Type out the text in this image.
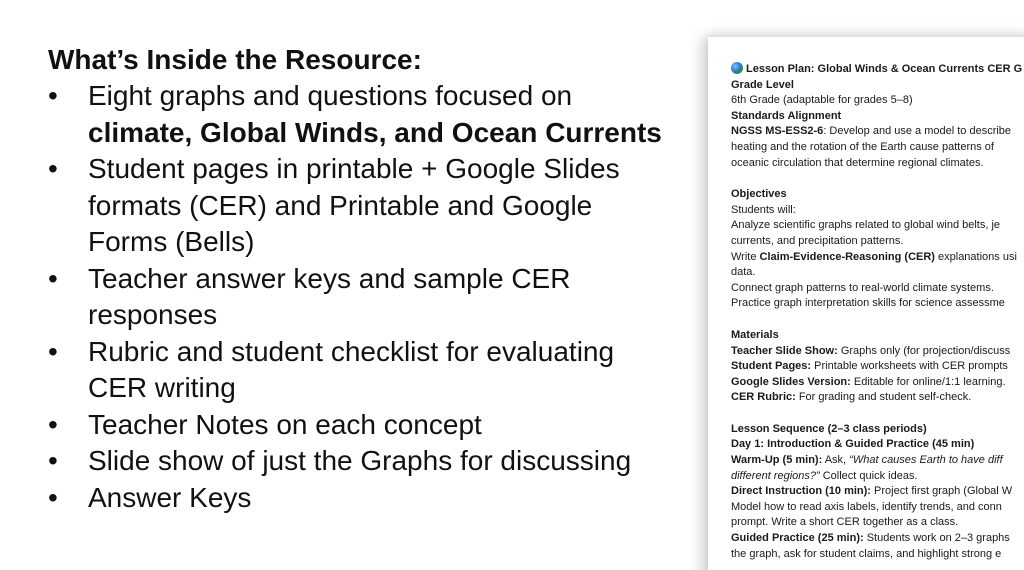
What’s Inside the Resource:
• Eight graphs and questions focused on climate, Global Winds, and Ocean Currents
• Student pages in printable + Google Slides formats (CER) and Printable and Google Forms (Bells)
• Teacher answer keys and sample CER responses
• Rubric and student checklist for evaluating CER writing
• Teacher Notes on each concept
• Slide show of just the Graphs for discussing
• Answer Keys
Lesson Plan: Global Winds & Ocean Currents CER G
Grade Level
6th Grade (adaptable for grades 5–8)
Standards Alignment
NGSS MS-ESS2-6: Develop and use a model to describe
heating and the rotation of the Earth cause patterns of
oceanic circulation that determine regional climates.
Objectives
Students will:
Analyze scientific graphs related to global wind belts, je
currents, and precipitation patterns.
Write Claim-Evidence-Reasoning (CER) explanations usi
data.
Connect graph patterns to real-world climate systems.
Practice graph interpretation skills for science assessme
Materials
Teacher Slide Show: Graphs only (for projection/discuss
Student Pages: Printable worksheets with CER prompts
Google Slides Version: Editable for online/1:1 learning.
CER Rubric: For grading and student self-check.
Lesson Sequence (2–3 class periods)
Day 1: Introduction & Guided Practice (45 min)
Warm-Up (5 min): Ask, “What causes Earth to have diff
different regions?” Collect quick ideas.
Direct Instruction (10 min): Project first graph (Global W
Model how to read axis labels, identify trends, and conn
prompt. Write a short CER together as a class.
Guided Practice (25 min): Students work on 2–3 graphs
the graph, ask for student claims, and highlight strong e
